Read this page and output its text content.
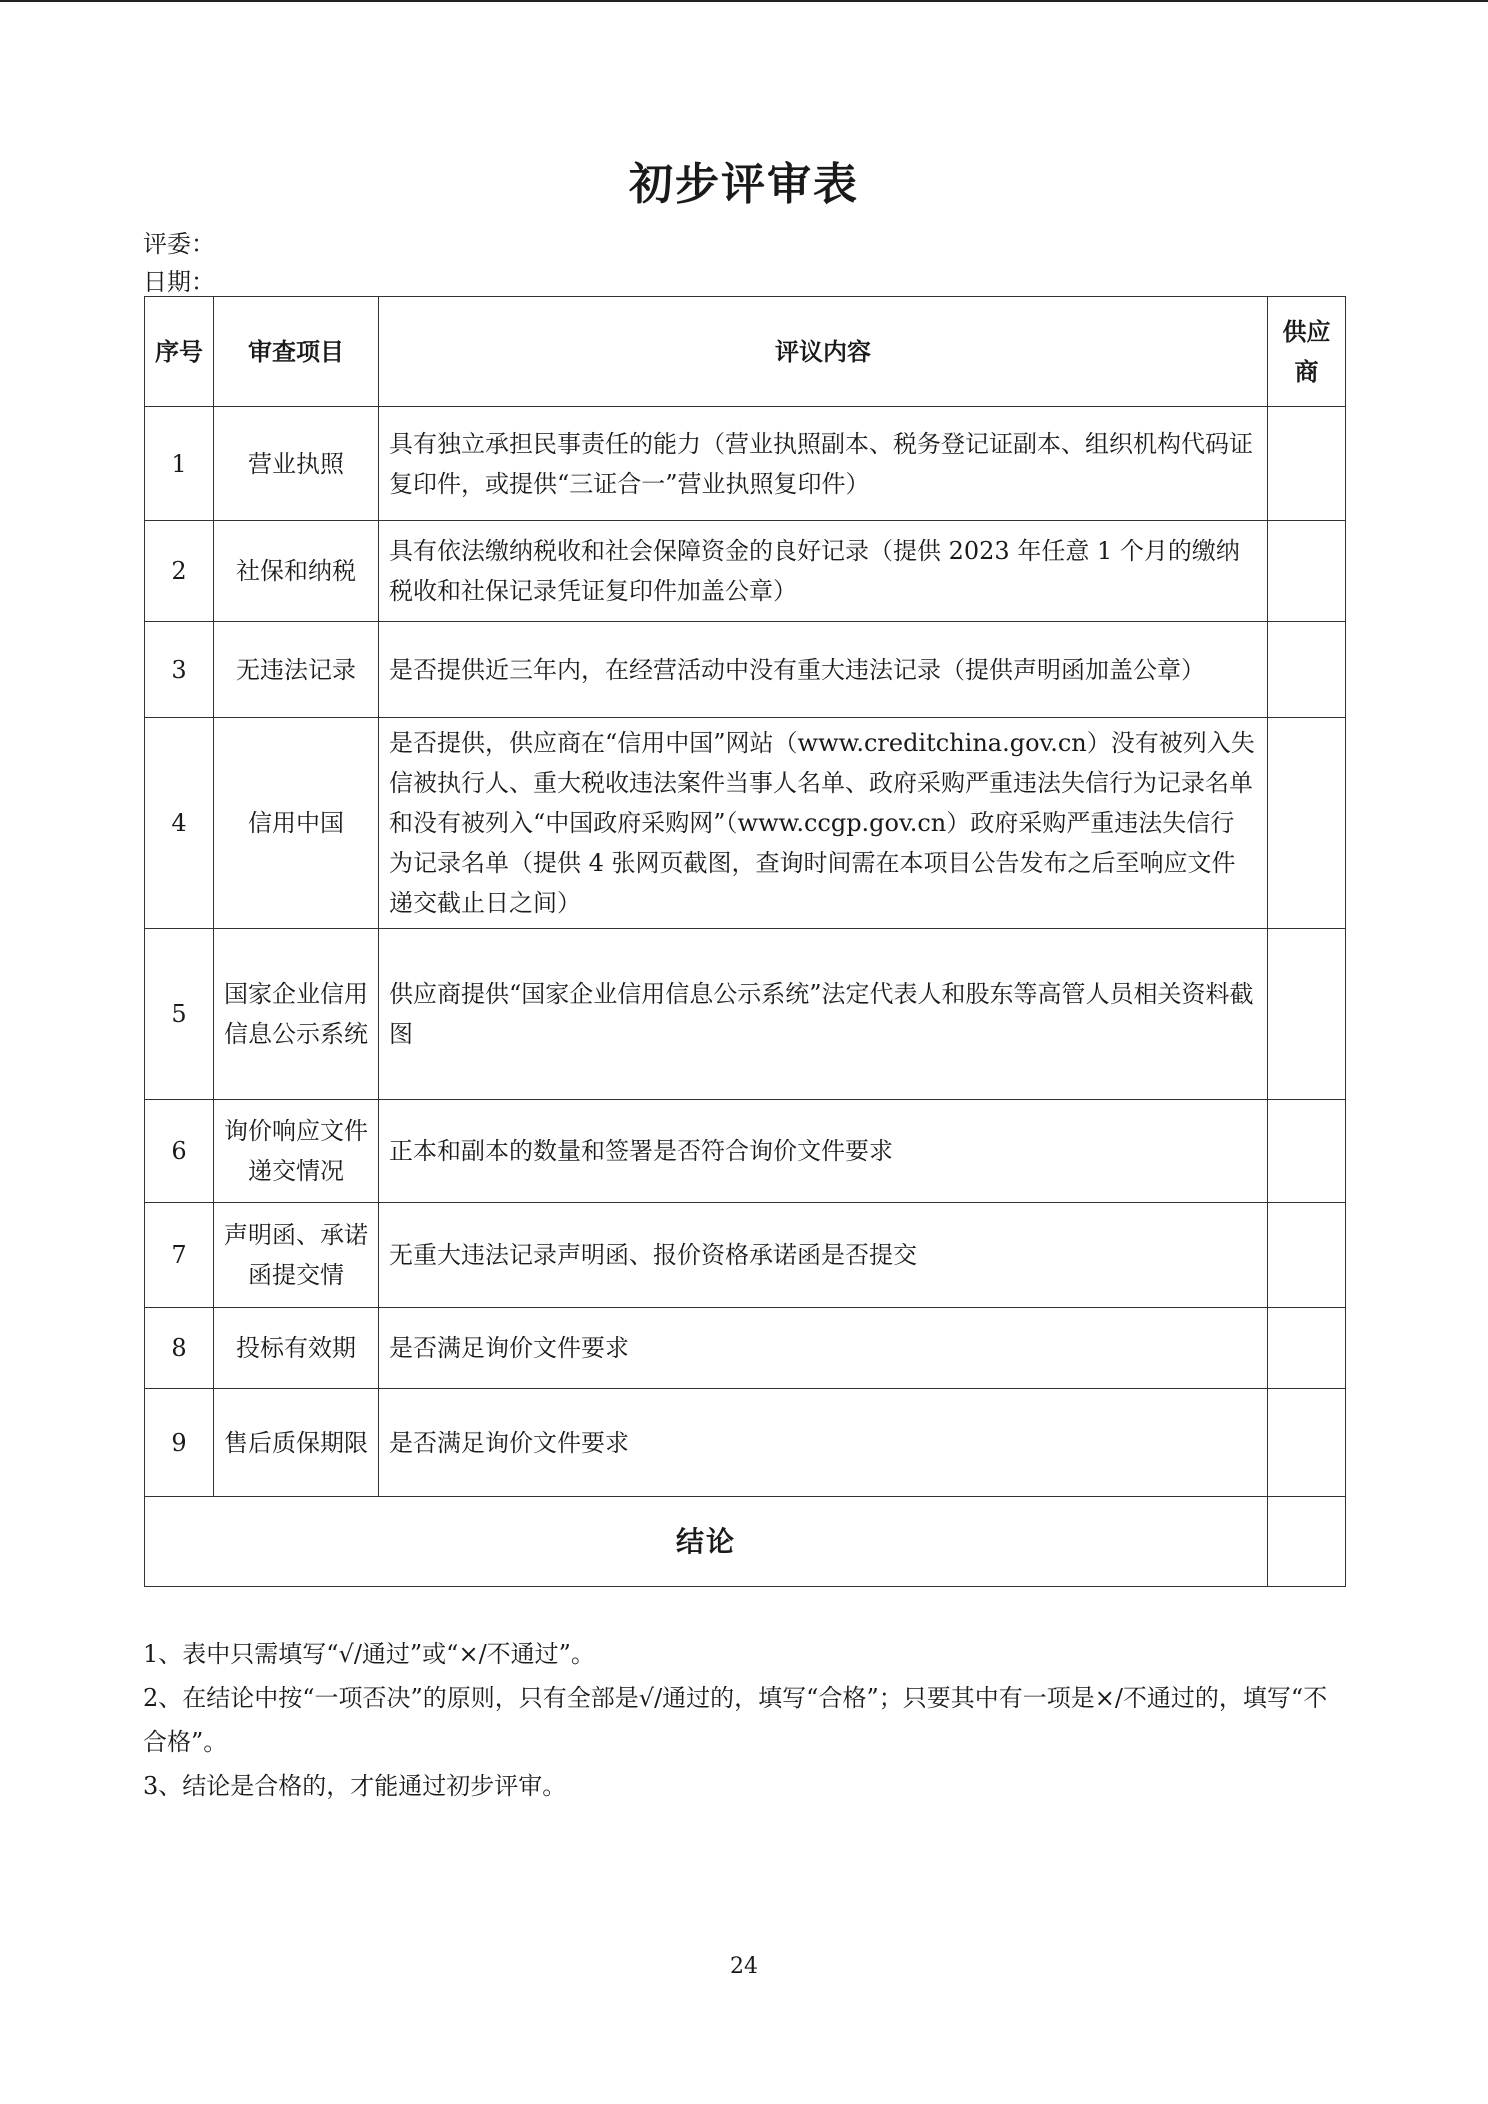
初步评审表
评委：
日期：
序号	审查项目	评议内容	供应商
1	营业执照	具有独立承担民事责任的能力（营业执照副本、税务登记证副本、组织机构代码证复印件，或提供“三证合一”营业执照复印件）	
2	社保和纳税	具有依法缴纳税收和社会保障资金的良好记录（提供 2023 年任意 1 个月的缴纳税收和社保记录凭证复印件加盖公章）	
3	无违法记录	是否提供近三年内，在经营活动中没有重大违法记录（提供声明函加盖公章）	
4	信用中国	是否提供，供应商在“信用中国”网站（www.creditchina.gov.cn）没有被列入失信被执行人、重大税收违法案件当事人名单、政府采购严重违法失信行为记录名单和没有被列入“中国政府采购网”（www.ccgp.gov.cn）政府采购严重违法失信行为记录名单（提供 4 张网页截图，查询时间需在本项目公告发布之后至响应文件递交截止日之间）	
5	国家企业信用信息公示系统	供应商提供“国家企业信用信息公示系统”法定代表人和股东等高管人员相关资料截图	
6	询价响应文件递交情况	正本和副本的数量和签署是否符合询价文件要求	
7	声明函、承诺函提交情	无重大违法记录声明函、报价资格承诺函是否提交	
8	投标有效期	是否满足询价文件要求	
9	售后质保期限	是否满足询价文件要求	
结论			

1、表中只需填写“√/通过”或“×/不通过”。

2、在结论中按“一项否决”的原则，只有全部是√/通过的，填写“合格”；只要其中有一项是×/不通过的，填写“不合格”。

3、结论是合格的，才能通过初步评审。

24
